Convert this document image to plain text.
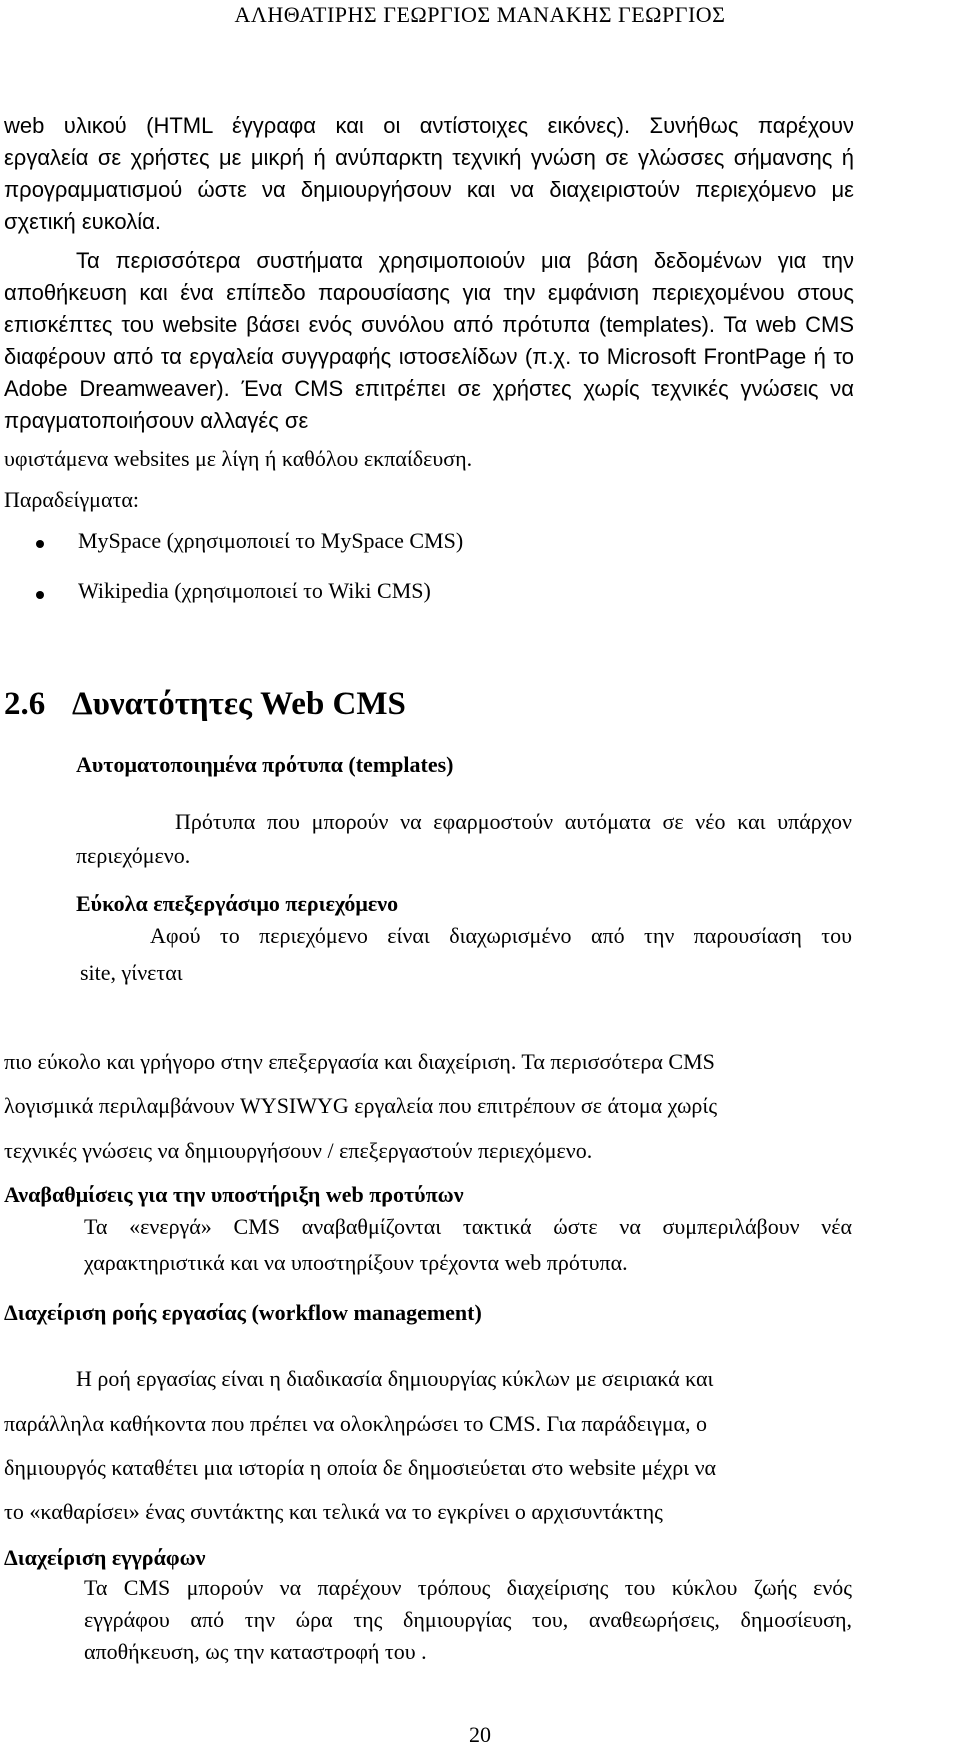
ΑΛΗΘΑΤΙΡΗΣ ΓΕΩΡΓΙΟΣ ΜΑΝΑΚΗΣ ΓΕΩΡΓΙΟΣ
web υλικού (HTML έγγραφα και οι αντίστοιχες εικόνες). Συνήθως παρέχουν
εργαλεία σε χρήστες με μικρή ή ανύπαρκτη τεχνική γνώση σε γλώσσες σήμανσης ή
προγραμματισμού ώστε να δημιουργήσουν και να διαχειριστούν περιεχόμενο με
σχετική ευκολία.
Τα περισσότερα συστήματα χρησιμοποιούν μια βάση δεδομένων για την
αποθήκευση και ένα επίπεδο παρουσίασης για την εμφάνιση περιεχομένου στους
επισκέπτες του website βάσει ενός συνόλου από πρότυπα (templates). Τα web CMS
διαφέρουν από τα εργαλεία συγγραφής ιστοσελίδων (π.χ. το Microsoft FrontPage ή το
Adobe Dreamweaver). Ένα CMS επιτρέπει σε χρήστες χωρίς τεχνικές γνώσεις να
πραγματοποιήσουν αλλαγές σε
υφιστάμενα websites με λίγη ή καθόλου εκπαίδευση.
Παραδείγματα:
MySpace (χρησιμοποιεί το MySpace CMS)
Wikipedia (χρησιμοποιεί το Wiki CMS)
2.6 Δυνατότητες Web CMS
Αυτοματοποιημένα πρότυπα (templates)
Πρότυπα που μπορούν να εφαρμοστούν αυτόματα σε νέο και υπάρχον
περιεχόμενο.
Εύκολα επεξεργάσιμο περιεχόμενο
Αφού το περιεχόμενο είναι διαχωρισμένο από την παρουσίαση του
site, γίνεται
πιο εύκολο και γρήγορο στην επεξεργασία και διαχείριση. Τα περισσότερα CMS
λογισμικά περιλαμβάνουν WYSIWYG εργαλεία που επιτρέπουν σε άτομα χωρίς
τεχνικές γνώσεις να δημιουργήσουν / επεξεργαστούν περιεχόμενο.
Αναβαθμίσεις για την υποστήριξη web προτύπων
Τα «ενεργά» CMS αναβαθμίζονται τακτικά ώστε να συμπεριλάβουν νέα
χαρακτηριστικά και να υποστηρίξουν τρέχοντα web πρότυπα.
Διαχείριση ροής εργασίας (workflow management)
Η ροή εργασίας είναι η διαδικασία δημιουργίας κύκλων με σειριακά και
παράλληλα καθήκοντα που πρέπει να ολοκληρώσει το CMS. Για παράδειγμα, ο
δημιουργός καταθέτει μια ιστορία η οποία δε δημοσιεύεται στο website μέχρι να
το «καθαρίσει» ένας συντάκτης και τελικά να το εγκρίνει ο αρχισυντάκτης
Διαχείριση εγγράφων
Τα CMS μπορούν να παρέχουν τρόπους διαχείρισης του κύκλου ζωής ενός
εγγράφου από την ώρα της δημιουργίας του, αναθεωρήσεις, δημοσίευση,
αποθήκευση, ως την καταστροφή του .
20
